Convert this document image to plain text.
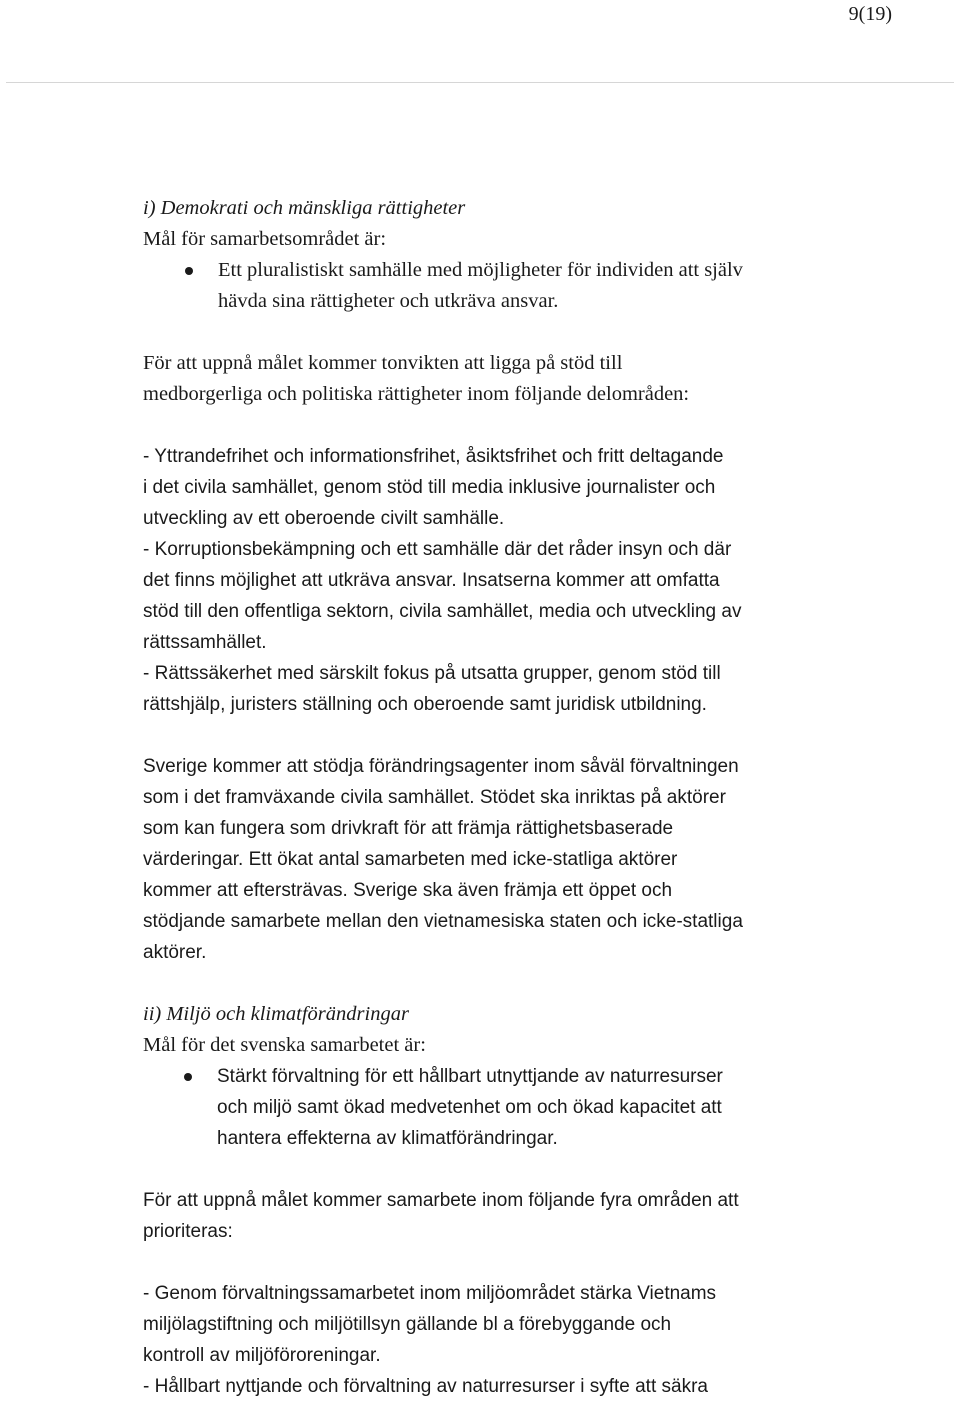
9(19)

i) Demokrati och mänskliga rättigheter

Mål för samarbetsområdet är:

Ett pluralistiskt samhälle med möjligheter för individen att själv

hävda sina rättigheter och utkräva ansvar.

För att uppnå målet kommer tonvikten att ligga på stöd till

medborgerliga och politiska rättigheter inom följande delområden:

- Yttrandefrihet och informationsfrihet, åsiktsfrihet och fritt deltagande

i det civila samhället, genom stöd till media inklusive journalister och

utveckling av ett oberoende civilt samhälle.

- Korruptionsbekämpning och ett samhälle där det råder insyn och där

det finns möjlighet att utkräva ansvar. Insatserna kommer att omfatta

stöd till den offentliga sektorn, civila samhället, media och utveckling av

rättssamhället.

- Rättssäkerhet med särskilt fokus på utsatta grupper, genom stöd till

rättshjälp, juristers ställning och oberoende samt juridisk utbildning.

Sverige kommer att stödja förändringsagenter inom såväl förvaltningen

som i det framväxande civila samhället. Stödet ska inriktas på aktörer

som kan fungera som drivkraft för att främja rättighetsbaserade

värderingar. Ett ökat antal samarbeten med icke-statliga aktörer

kommer att eftersträvas. Sverige ska även främja ett öppet och

stödjande samarbete mellan den vietnamesiska staten och icke-statliga

aktörer.

ii) Miljö och klimatförändringar

Mål för det svenska samarbetet är:

Stärkt förvaltning för ett hållbart utnyttjande av naturresurser

och miljö samt ökad medvetenhet om och ökad kapacitet att

hantera effekterna av klimatförändringar.

För att uppnå målet kommer samarbete inom följande fyra områden att

prioriteras:

- Genom förvaltningssamarbetet inom miljöområdet stärka Vietnams

miljölagstiftning och miljötillsyn gällande bl a förebyggande och

kontroll av miljöföroreningar.

- Hållbart nyttjande och förvaltning av naturresurser i syfte att säkra
